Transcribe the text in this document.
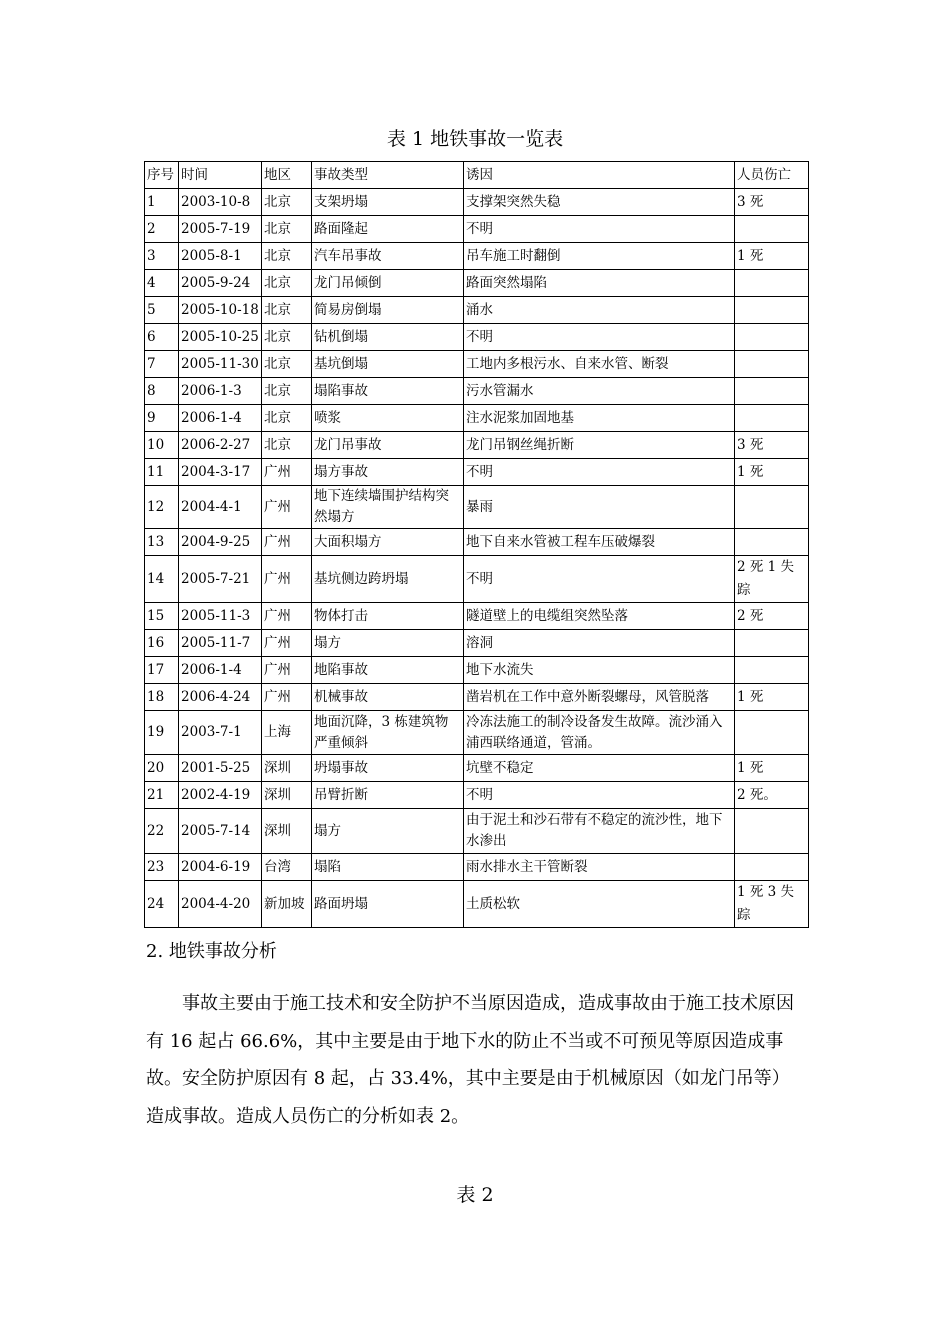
表 1 地铁事故一览表
序号	时间	地区	事故类型	诱因	人员伤亡
1	2003-10-8	北京	支架坍塌	支撑架突然失稳	3 死
2	2005-7-19	北京	路面隆起	不明	
3	2005-8-1	北京	汽车吊事故	吊车施工时翻倒	1 死
4	2005-9-24	北京	龙门吊倾倒	路面突然塌陷	
5	2005-10-18	北京	简易房倒塌	涌水	
6	2005-10-25	北京	钻机倒塌	不明	
7	2005-11-30	北京	基坑倒塌	工地内多根污水、自来水管、断裂	
8	2006-1-3	北京	塌陷事故	污水管漏水	
9	2006-1-4	北京	喷浆	注水泥浆加固地基	
10	2006-2-27	北京	龙门吊事故	龙门吊钢丝绳折断	3 死
11	2004-3-17	广州	塌方事故	不明	1 死
12	2004-4-1	广州	地下连续墙围护结构突然塌方	暴雨	
13	2004-9-25	广州	大面积塌方	地下自来水管被工程车压破爆裂	
14	2005-7-21	广州	基坑侧边跨坍塌	不明	2 死 1 失踪
15	2005-11-3	广州	物体打击	隧道壁上的电缆组突然坠落	2 死
16	2005-11-7	广州	塌方	溶洞	
17	2006-1-4	广州	地陷事故	地下水流失	
18	2006-4-24	广州	机械事故	凿岩机在工作中意外断裂螺母，风管脱落	1 死
19	2003-7-1	上海	地面沉降，3 栋建筑物严重倾斜	冷冻法施工的制冷设备发生故障。流沙涌入浦西联络通道，管涌。	
20	2001-5-25	深圳	坍塌事故	坑壁不稳定	1 死
21	2002-4-19	深圳	吊臂折断	不明	2 死。
22	2005-7-14	深圳	塌方	由于泥土和沙石带有不稳定的流沙性，地下水渗出	
23	2004-6-19	台湾	塌陷	雨水排水主干管断裂	
24	2004-4-20	新加坡	路面坍塌	土质松软	1 死 3 失踪
2. 地铁事故分析
事故主要由于施工技术和安全防护不当原因造成，造成事故由于施工技术原因有 16 起占 66.6%，其中主要是由于地下水的防止不当或不可预见等原因造成事故。安全防护原因有 8 起，占 33.4%，其中主要是由于机械原因（如龙门吊等）造成事故。造成人员伤亡的分析如表 2。
表 2
